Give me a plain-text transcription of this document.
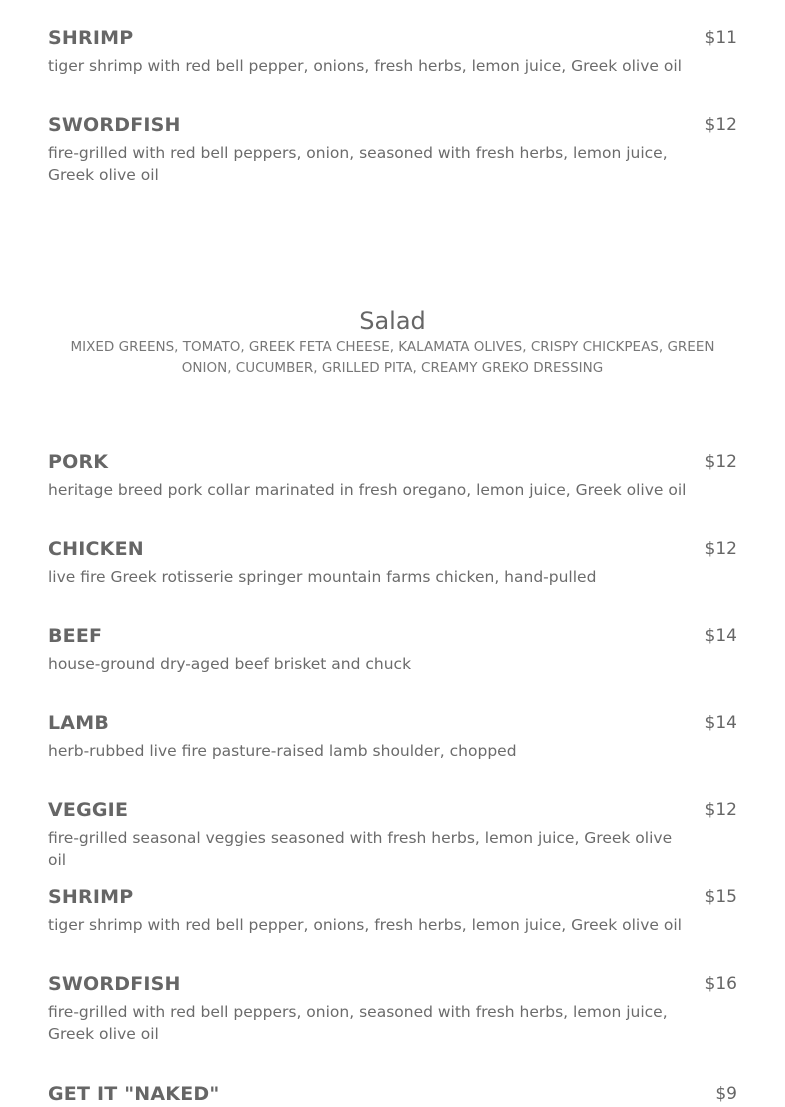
SHRIMP	$11
tiger shrimp with red bell pepper, onions, fresh herbs, lemon juice, Greek olive oil
SWORDFISH	$12
fire-grilled with red bell peppers, onion, seasoned with fresh herbs, lemon juice, Greek olive oil
Salad
MIXED GREENS, TOMATO, GREEK FETA CHEESE, KALAMATA OLIVES, CRISPY CHICKPEAS, GREEN ONION, CUCUMBER, GRILLED PITA, CREAMY GREKO DRESSING
PORK	$12
heritage breed pork collar marinated in fresh oregano, lemon juice, Greek olive oil
CHICKEN	$12
live fire Greek rotisserie springer mountain farms chicken, hand-pulled
BEEF	$14
house-ground dry-aged beef brisket and chuck
LAMB	$14
herb-rubbed live fire pasture-raised lamb shoulder, chopped
VEGGIE	$12
fire-grilled seasonal veggies seasoned with fresh herbs, lemon juice, Greek olive oil
SHRIMP	$15
tiger shrimp with red bell pepper, onions, fresh herbs, lemon juice, Greek olive oil
SWORDFISH	$16
fire-grilled with red bell peppers, onion, seasoned with fresh herbs, lemon juice, Greek olive oil
GET IT "NAKED"	$9
